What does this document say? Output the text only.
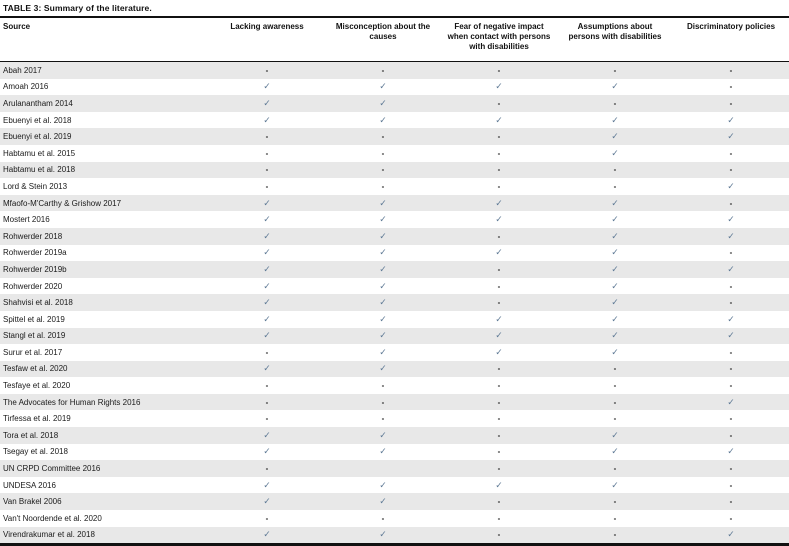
TABLE 3: Summary of the literature.
Source	Lacking awareness	Misconception about the causes	Fear of negative impact when contact with persons with disabilities	Assumptions about persons with disabilities	Discriminatory policies
Abah 2017	-	-	-	-	-
Amoah 2016	✓	✓	✓	✓	-
Arulanantham 2014	✓	✓	-	-	-
Ebuenyi et al. 2018	✓	✓	✓	✓	✓
Ebuenyi et al. 2019	-	-	-	✓	✓
Habtamu et al. 2015	-	-	-	✓	-
Habtamu et al. 2018	-	-	-	-	-
Lord & Stein 2013	-	-	-	-	✓
Mfaofo-M'Carthy & Grishow 2017	✓	✓	✓	✓	-
Mostert 2016	✓	✓	✓	✓	✓
Rohwerder 2018	✓	✓	-	✓	✓
Rohwerder 2019a	✓	✓	✓	✓	-
Rohwerder 2019b	✓	✓	-	✓	✓
Rohwerder 2020	✓	✓	-	✓	-
Shahvisi et al. 2018	✓	✓	-	✓	-
Spittel et al. 2019	✓	✓	✓	✓	✓
Stangl et al. 2019	✓	✓	✓	✓	✓
Surur et al. 2017	-	✓	✓	✓	-
Tesfaw et al. 2020	✓	✓	-	-	-
Tesfaye et al. 2020	-	-	-	-	-
The Advocates for Human Rights 2016	-	-	-	-	✓
Tirfessa et al. 2019	-	-	-	-	-
Tora et al. 2018	✓	✓	-	✓	-
Tsegay et al. 2018	✓	✓	-	✓	✓
UN CRPD Committee 2016	-		-	-	-
UNDESA 2016	✓	✓	✓	✓	-
Van Brakel 2006	✓	✓	-	-	-
Van't Noordende et al. 2020	-	-	-	-	-
Virendrakumar et al. 2018	✓	✓	-	-	✓
